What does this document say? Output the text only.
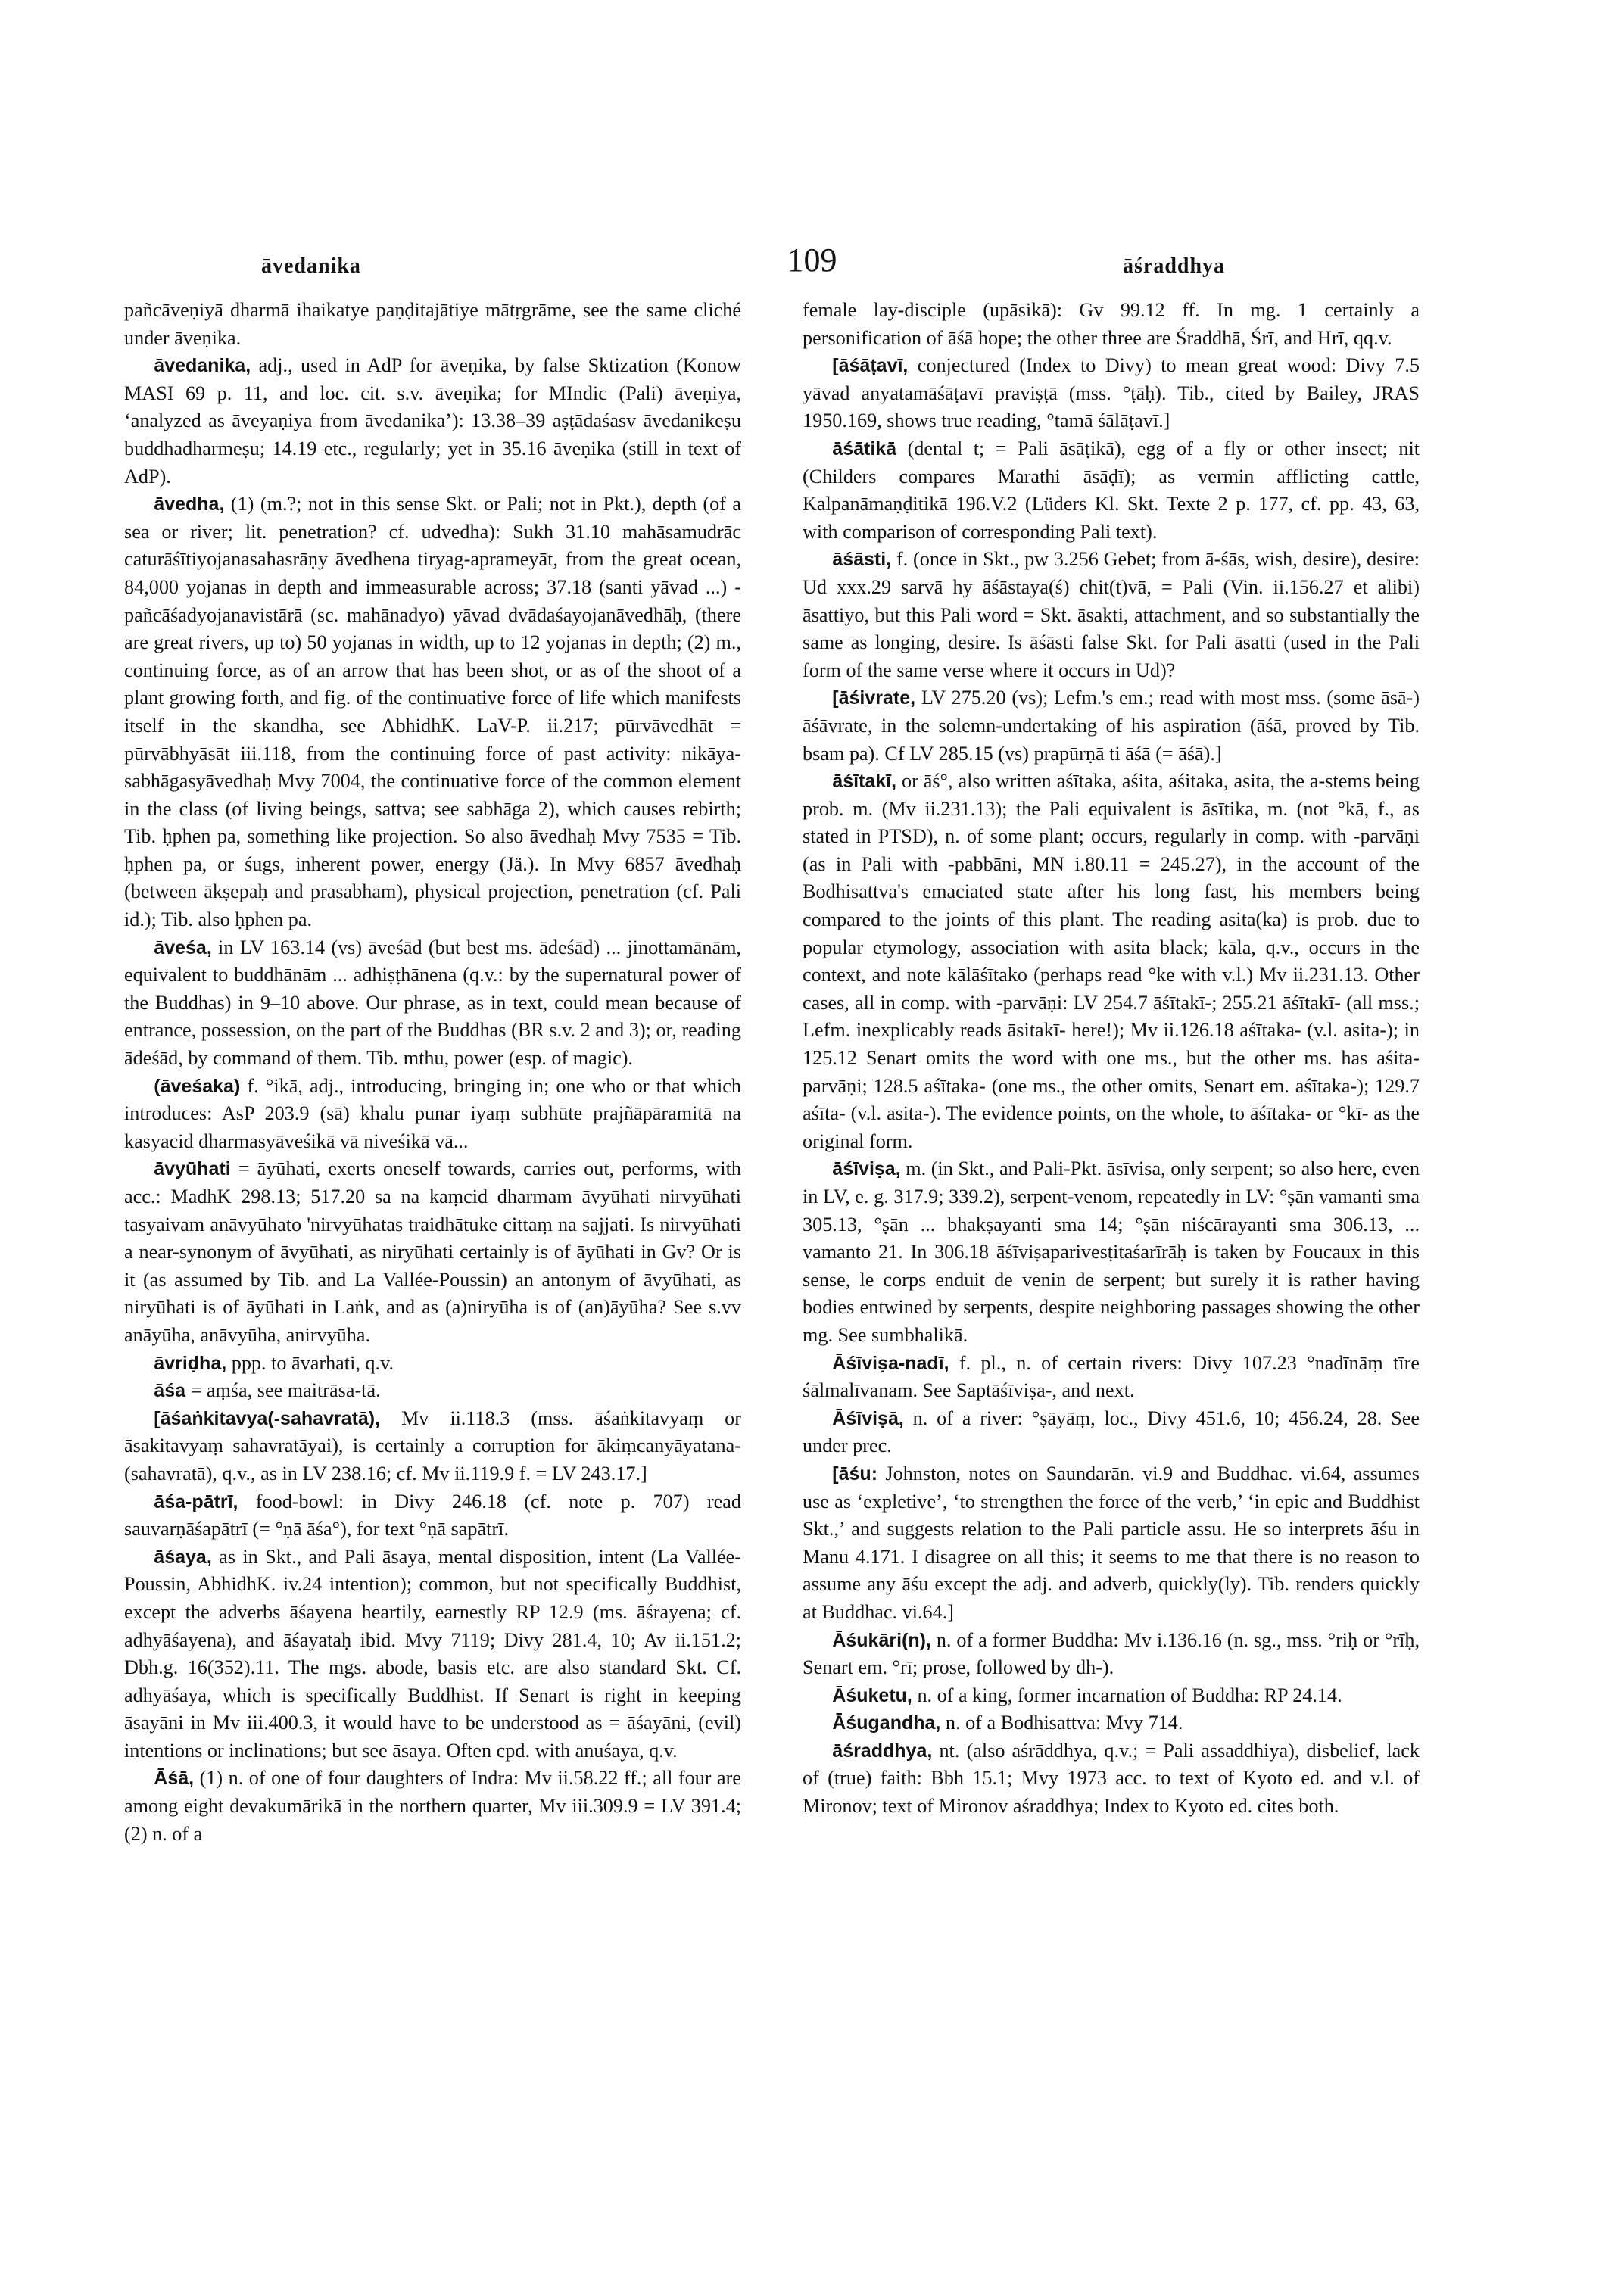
āvedanika	109	āśraddhya

pañcāveṇiyā dharmā ihaikatye paṇḍitajātiye mātṛgrāme, see the same cliché under āveṇika.

āvedanika, adj., used in AdP for āveṇika, by false Sktization (Konow MASI 69 p. 11, and loc. cit. s.v. āveṇika; for MIndic (Pali) āveṇiya, ‘analyzed as āveyaṇiya from āvedanika’): 13.38–39 aṣṭādaśasv āvedanikeṣu buddhadharmeṣu; 14.19 etc., regularly; yet in 35.16 āveṇika (still in text of AdP).

āvedha, (1) (m.?; not in this sense Skt. or Pali; not in Pkt.), depth (of a sea or river; lit. penetration? cf. udvedha): Sukh 31.10 mahāsamudrāc caturāśītiyojanasahasrāṇy āvedhena tiryag-aprameyāt, from the great ocean, 84,000 yojanas in depth and immeasurable across; 37.18 (santi yāvad ...) -pañcāśadyojanavistārā (sc. mahānadyo) yāvad dvādaśayojanāvedhāḥ, (there are great rivers, up to) 50 yojanas in width, up to 12 yojanas in depth; (2) m., continuing force, as of an arrow that has been shot, or as of the shoot of a plant growing forth, and fig. of the continuative force of life which manifests itself in the skandha, see AbhidhK. LaV-P. ii.217; pūrvāvedhāt = pūrvābhyāsāt iii.118, from the continuing force of past activity: nikāya-sabhāgasyāvedhaḥ Mvy 7004, the continuative force of the common element in the class (of living beings, sattva; see sabhāga 2), which causes rebirth; Tib. ḥphen pa, something like projection. So also āvedhaḥ Mvy 7535 = Tib. ḥphen pa, or śugs, inherent power, energy (Jä.). In Mvy 6857 āvedhaḥ (between ākṣepaḥ and prasabham), physical projection, penetration (cf. Pali id.); Tib. also ḥphen pa.

āveśa, in LV 163.14 (vs) āveśād (but best ms. ādeśād) ... jinottamānām, equivalent to buddhānām ... adhiṣṭhānena (q.v.: by the supernatural power of the Buddhas) in 9–10 above. Our phrase, as in text, could mean because of entrance, possession, on the part of the Buddhas (BR s.v. 2 and 3); or, reading ādeśād, by command of them. Tib. mthu, power (esp. of magic).

(āveśaka) f. °ikā, adj., introducing, bringing in; one who or that which introduces: AsP 203.9 (sā) khalu punar iyaṃ subhūte prajñāpāramitā na kasyacid dharmasyāveśikā vā niveśikā vā...

āvyūhati = āyūhati, exerts oneself towards, carries out, performs, with acc.: MadhK 298.13; 517.20 sa na kaṃcid dharmam āvyūhati nirvyūhati tasyaivam anāvyūhato 'nirvyūhatas traidhātuke cittaṃ na sajjati. Is nirvyūhati a near-synonym of āvyūhati, as niryūhati certainly is of āyūhati in Gv? Or is it (as assumed by Tib. and La Vallée-Poussin) an antonym of āvyūhati, as niryūhati is of āyūhati in Laṅk, and as (a)niryūha is of (an)āyūha? See s.vv anāyūha, anāvyūha, anirvyūha.

āvriḍha, ppp. to āvarhati, q.v.

āśa = aṃśa, see maitrāsa-tā.

[āśaṅkitavya(-sahavratā), Mv ii.118.3 (mss. āśaṅkitavyaṃ or āsakitavyaṃ sahavratāyai), is certainly a corruption for ākiṃcanyāyatana-(sahavratā), q.v., as in LV 238.16; cf. Mv ii.119.9 f. = LV 243.17.]

āśa-pātrī, food-bowl: in Divy 246.18 (cf. note p. 707) read sauvarṇāśapātrī (= °ṇā āśa°), for text °ṇā sapātrī.

āśaya, as in Skt., and Pali āsaya, mental disposition, intent (La Vallée-Poussin, AbhidhK. iv.24 intention); common, but not specifically Buddhist, except the adverbs āśayena heartily, earnestly RP 12.9 (ms. āśrayena; cf. adhyāśayena), and āśayataḥ ibid. Mvy 7119; Divy 281.4, 10; Av ii.151.2; Dbh.g. 16(352).11. The mgs. abode, basis etc. are also standard Skt. Cf. adhyāśaya, which is specifically Buddhist. If Senart is right in keeping āsayāni in Mv iii.400.3, it would have to be understood as = āśayāni, (evil) intentions or inclinations; but see āsaya. Often cpd. with anuśaya, q.v.

Āśā, (1) n. of one of four daughters of Indra: Mv ii.58.22 ff.; all four are among eight devakumārikā in the northern quarter, Mv iii.309.9 = LV 391.4; (2) n. of a

female lay-disciple (upāsikā): Gv 99.12 ff. In mg. 1 certainly a personification of āśā hope; the other three are Śraddhā, Śrī, and Hrī, qq.v.

[āśāṭavī, conjectured (Index to Divy) to mean great wood: Divy 7.5 yāvad anyatamāśāṭavī praviṣṭā (mss. °ṭāḥ). Tib., cited by Bailey, JRAS 1950.169, shows true reading, °tamā śālāṭavī.]

āśātikā (dental t; = Pali āsāṭikā), egg of a fly or other insect; nit (Childers compares Marathi āsāḍī); as vermin afflicting cattle, Kalpanāmaṇḍitikā 196.V.2 (Lüders Kl. Skt. Texte 2 p. 177, cf. pp. 43, 63, with comparison of corresponding Pali text).

āśāsti, f. (once in Skt., pw 3.256 Gebet; from ā-śās, wish, desire), desire: Ud xxx.29 sarvā hy āśāstaya(ś) chit(t)vā, = Pali (Vin. ii.156.27 et alibi) āsattiyo, but this Pali word = Skt. āsakti, attachment, and so substantially the same as longing, desire. Is āśāsti false Skt. for Pali āsatti (used in the Pali form of the same verse where it occurs in Ud)?

[āśivrate, LV 275.20 (vs); Lefm.'s em.; read with most mss. (some āsā-) āśāvrate, in the solemn-undertaking of his aspiration (āśā, proved by Tib. bsam pa). Cf LV 285.15 (vs) prapūrṇā ti āśā (= āśā).]

āśītakī, or āś°, also written aśītaka, aśita, aśitaka, asita, the a-stems being prob. m. (Mv ii.231.13); the Pali equivalent is āsītika, m. (not °kā, f., as stated in PTSD), n. of some plant; occurs, regularly in comp. with -parvāṇi (as in Pali with -pabbāni, MN i.80.11 = 245.27), in the account of the Bodhisattva's emaciated state after his long fast, his members being compared to the joints of this plant. The reading asita(ka) is prob. due to popular etymology, association with asita black; kāla, q.v., occurs in the context, and note kālāśītako (perhaps read °ke with v.l.) Mv ii.231.13. Other cases, all in comp. with -parvāṇi: LV 254.7 āśītakī-; 255.21 āśītakī- (all mss.; Lefm. inexplicably reads āsitakī- here!); Mv ii.126.18 aśītaka- (v.l. asita-); in 125.12 Senart omits the word with one ms., but the other ms. has aśita-parvāṇi; 128.5 aśītaka- (one ms., the other omits, Senart em. aśītaka-); 129.7 aśīta- (v.l. asita-). The evidence points, on the whole, to āśītaka- or °kī- as the original form.

āśīviṣa, m. (in Skt., and Pali-Pkt. āsīvisa, only serpent; so also here, even in LV, e. g. 317.9; 339.2), serpent-venom, repeatedly in LV: °ṣān vamanti sma 305.13, °ṣān ... bhakṣayanti sma 14; °ṣān niścārayanti sma 306.13, ... vamanto 21. In 306.18 āśīviṣaparivesṭitaśarīrāḥ is taken by Foucaux in this sense, le corps enduit de venin de serpent; but surely it is rather having bodies entwined by serpents, despite neighboring passages showing the other mg. See sumbhalikā.

Āśīviṣa-nadī, f. pl., n. of certain rivers: Divy 107.23 °nadīnāṃ tīre śālmalīvanam. See Saptāśīviṣa-, and next.

Āśīviṣā, n. of a river: °ṣāyāṃ, loc., Divy 451.6, 10; 456.24, 28. See under prec.

[āśu: Johnston, notes on Saundarān. vi.9 and Buddhac. vi.64, assumes use as ‘expletive’, ‘to strengthen the force of the verb,’ ‘in epic and Buddhist Skt.,’ and suggests relation to the Pali particle assu. He so interprets āśu in Manu 4.171. I disagree on all this; it seems to me that there is no reason to assume any āśu except the adj. and adverb, quickly(ly). Tib. renders quickly at Buddhac. vi.64.]

Āśukāri(n), n. of a former Buddha: Mv i.136.16 (n. sg., mss. °riḥ or °rīḥ, Senart em. °rī; prose, followed by dh-).

Āśuketu, n. of a king, former incarnation of Buddha: RP 24.14.

Āśugandha, n. of a Bodhisattva: Mvy 714.

āśraddhya, nt. (also aśrāddhya, q.v.; = Pali assaddhiya), disbelief, lack of (true) faith: Bbh 15.1; Mvy 1973 acc. to text of Kyoto ed. and v.l. of Mironov; text of Mironov aśraddhya; Index to Kyoto ed. cites both.
